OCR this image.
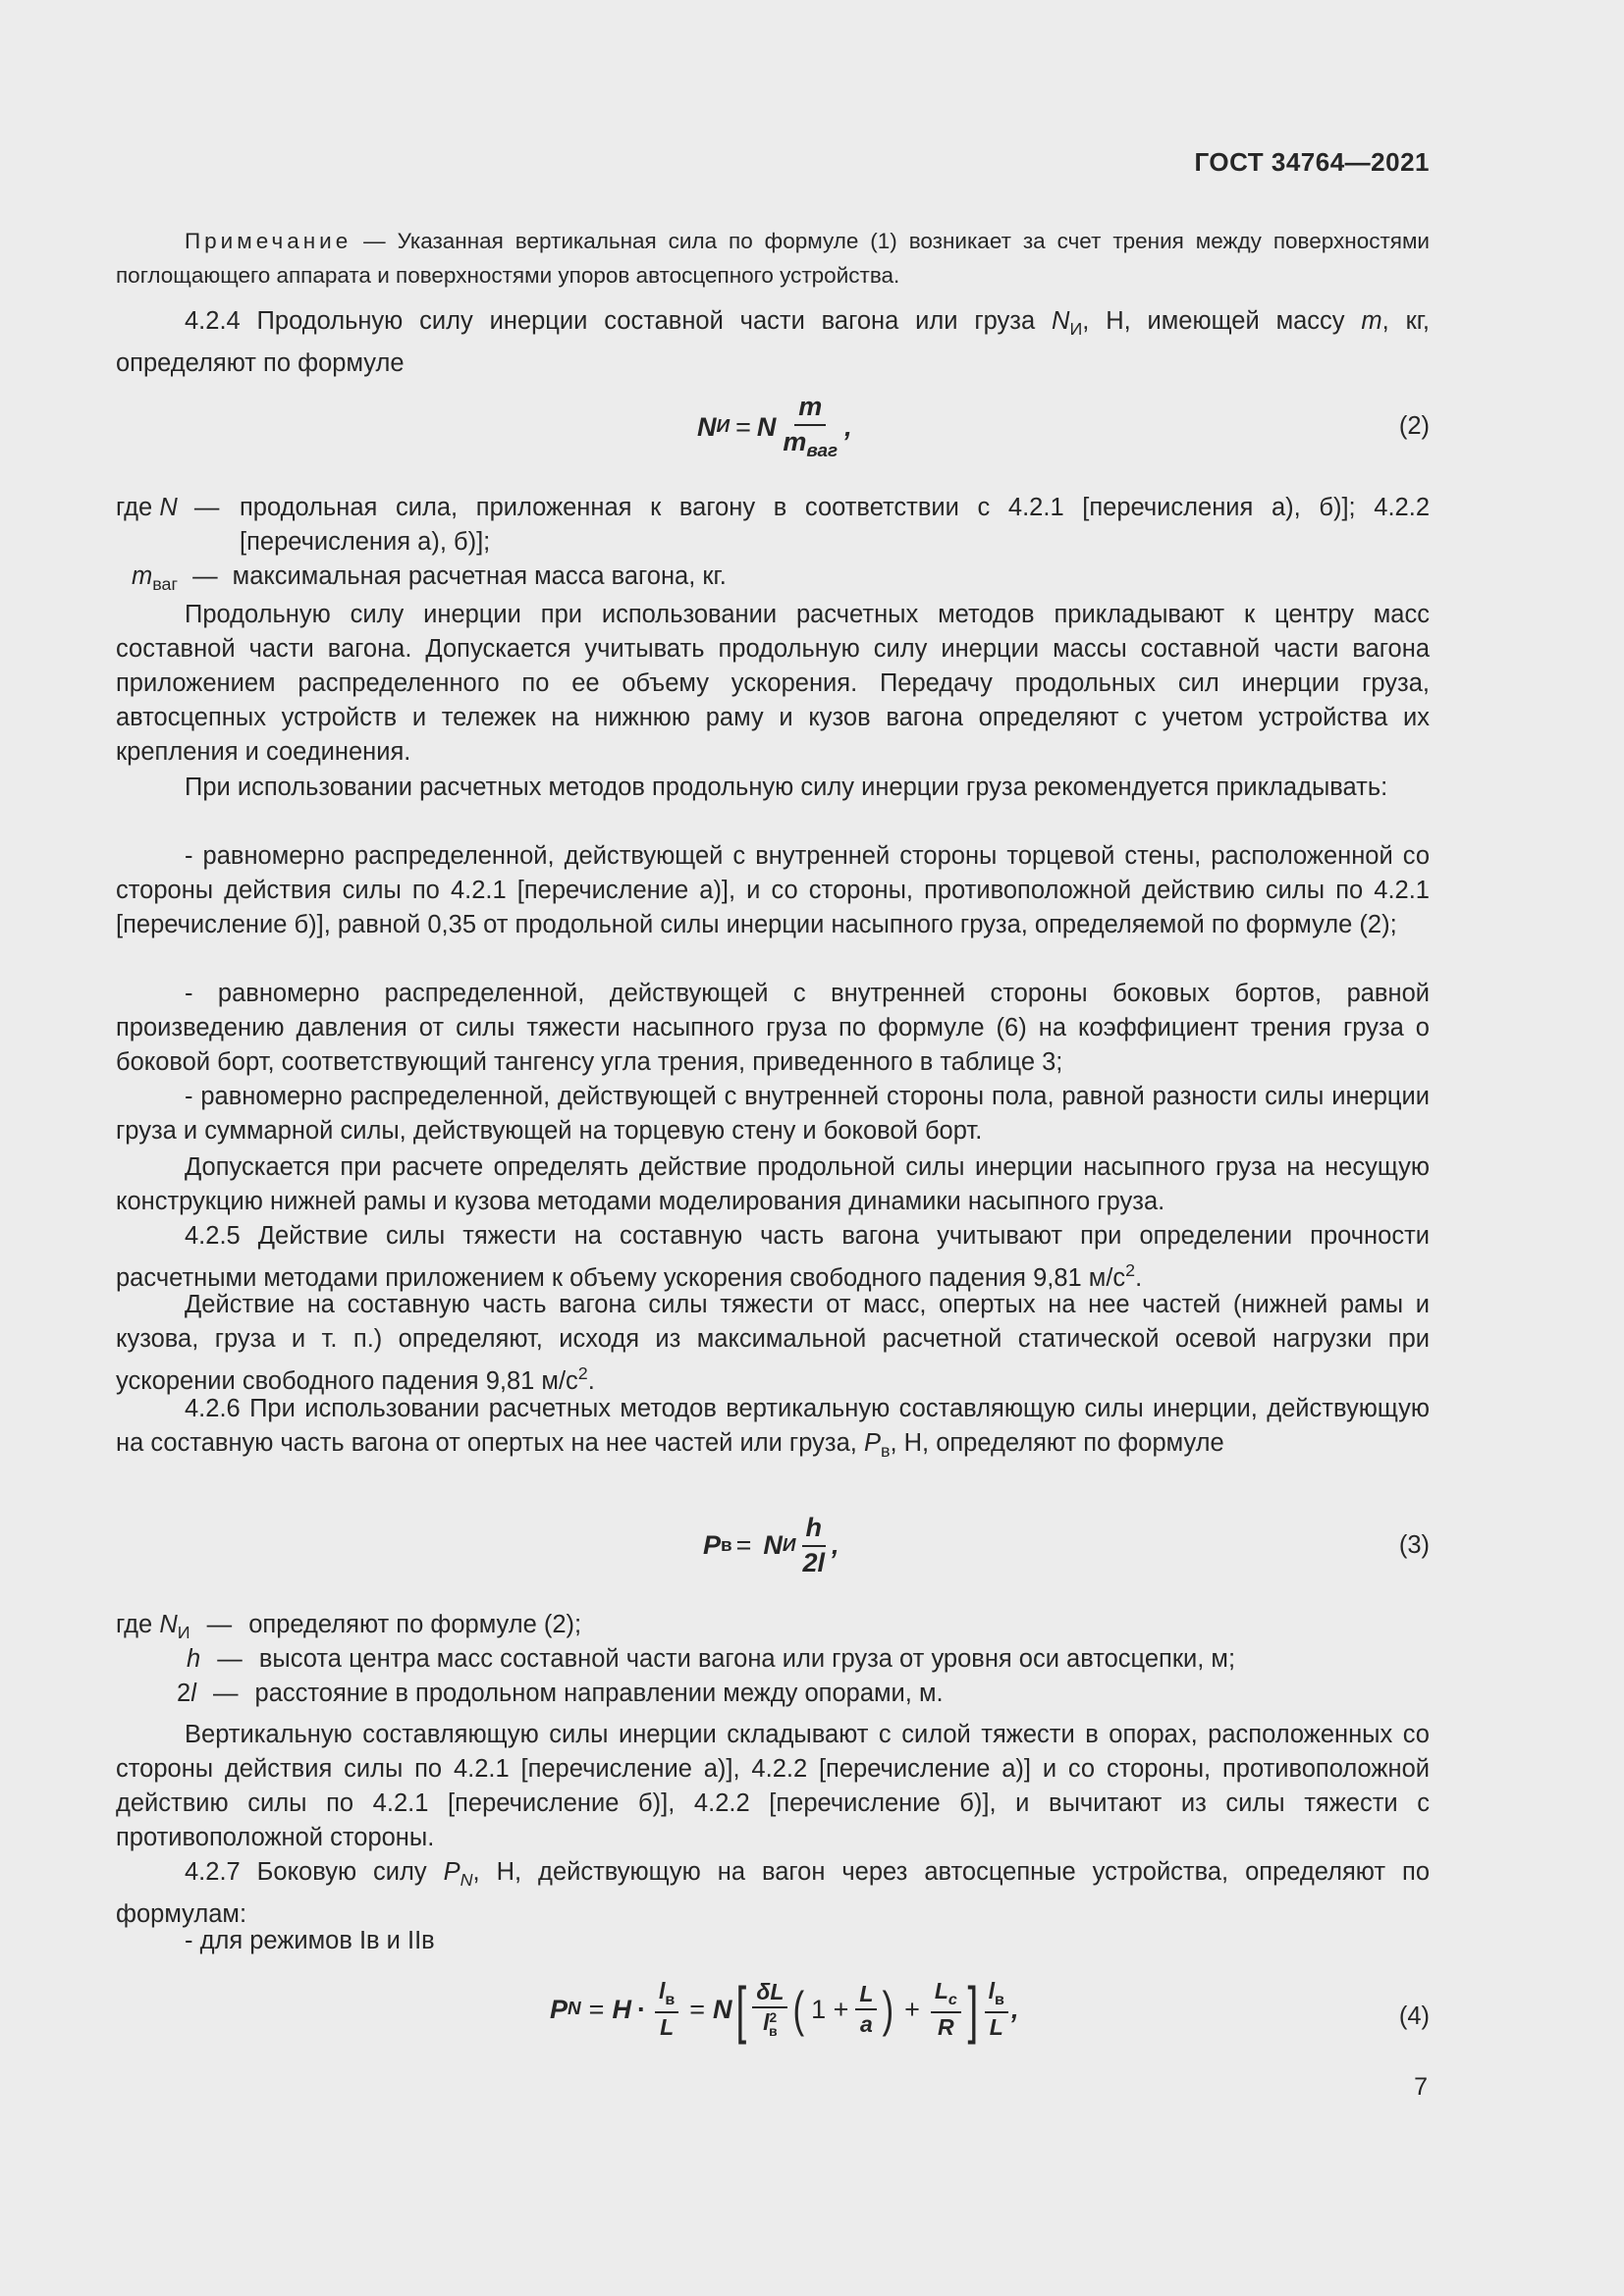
ГОСТ 34764—2021
Примечание — Указанная вертикальная сила по формуле (1) возникает за счет трения между поверхностями поглощающего аппарата и поверхностями упоров автосцепного устройства.
4.2.4 Продольную силу инерции составной части вагона или груза $N_И$, Н, имеющей массу m, кг, определяют по формуле
N И = N $\frac{m}{m_{ваг}}$ ,	(2)
где N — продольная сила, приложенная к вагону в соответствии с 4.2.1 [перечисления а), б)]; 4.2.2
[перечисления а), б)];
$m_{ваг}$ — максимальная расчетная масса вагона, кг.
Продольную силу инерции при использовании расчетных методов прикладывают к центру масс составной части вагона. Допускается учитывать продольную силу инерции массы составной части вагона приложением распределенного по ее объему ускорения. Передачу продольных сил инерции груза, автосцепных устройств и тележек на нижнюю раму и кузов вагона определяют с учетом устройства их крепления и соединения.
При использовании расчетных методов продольную силу инерции груза рекомендуется прикладывать:
- равномерно распределенной, действующей с внутренней стороны торцевой стены, расположенной со стороны действия силы по 4.2.1 [перечисление а)], и со стороны, противоположной действию силы по 4.2.1 [перечисление б)], равной 0,35 от продольной силы инерции насыпного груза, определяемой по формуле (2);
- равномерно распределенной, действующей с внутренней стороны боковых бортов, равной произведению давления от силы тяжести насыпного груза по формуле (6) на коэффициент трения груза о боковой борт, соответствующий тангенсу угла трения, приведенного в таблице 3;
- равномерно распределенной, действующей с внутренней стороны пола, равной разности силы инерции груза и суммарной силы, действующей на торцевую стену и боковой борт.
Допускается при расчете определять действие продольной силы инерции насыпного груза на несущую конструкцию нижней рамы и кузова методами моделирования динамики насыпного груза.
4.2.5 Действие силы тяжести на составную часть вагона учитывают при определении прочности расчетными методами приложением к объему ускорения свободного падения 9,81 $м/с^2$.
Действие на составную часть вагона силы тяжести от масс, опертых на нее частей (нижней рамы и кузова, груза и т. п.) определяют, исходя из максимальной расчетной статической осевой нагрузки при ускорении свободного падения 9,81 $м/с^2$.
4.2.6 При использовании расчетных методов вертикальную составляющую силы инерции, действующую на составную часть вагона от опертых на нее частей или груза, $P_в$, Н, определяют по формуле
P в = N И $\frac{h}{2l}$ ,	(3)
где $N_И$ — определяют по формуле (2);
h — высота центра масс составной части вагона или груза от уровня оси автосцепки, м;
2l — расстояние в продольном направлении между опорами, м.
Вертикальную составляющую силы инерции складывают с силой тяжести в опорах, расположенных со стороны действия силы по 4.2.1 [перечисление а)], 4.2.2 [перечисление а)] и со стороны, противоположной действию силы по 4.2.1 [перечисление б)], 4.2.2 [перечисление б)], и вычитают из силы тяжести с противоположной стороны.
4.2.7 Боковую силу $P_N$, Н, действующую на вагон через автосцепные устройства, определяют по формулам:
- для режимов Iв и IIв
P $N = H \cdot \frac{l_в}{L} = N$ [ $\frac{\delta L}{l^2_в}$ ( $1 + \frac{L}{a}$ ) + $\frac{L_c}{R}$ ] $\frac{l_в}{L}$ ,	(4)
7
